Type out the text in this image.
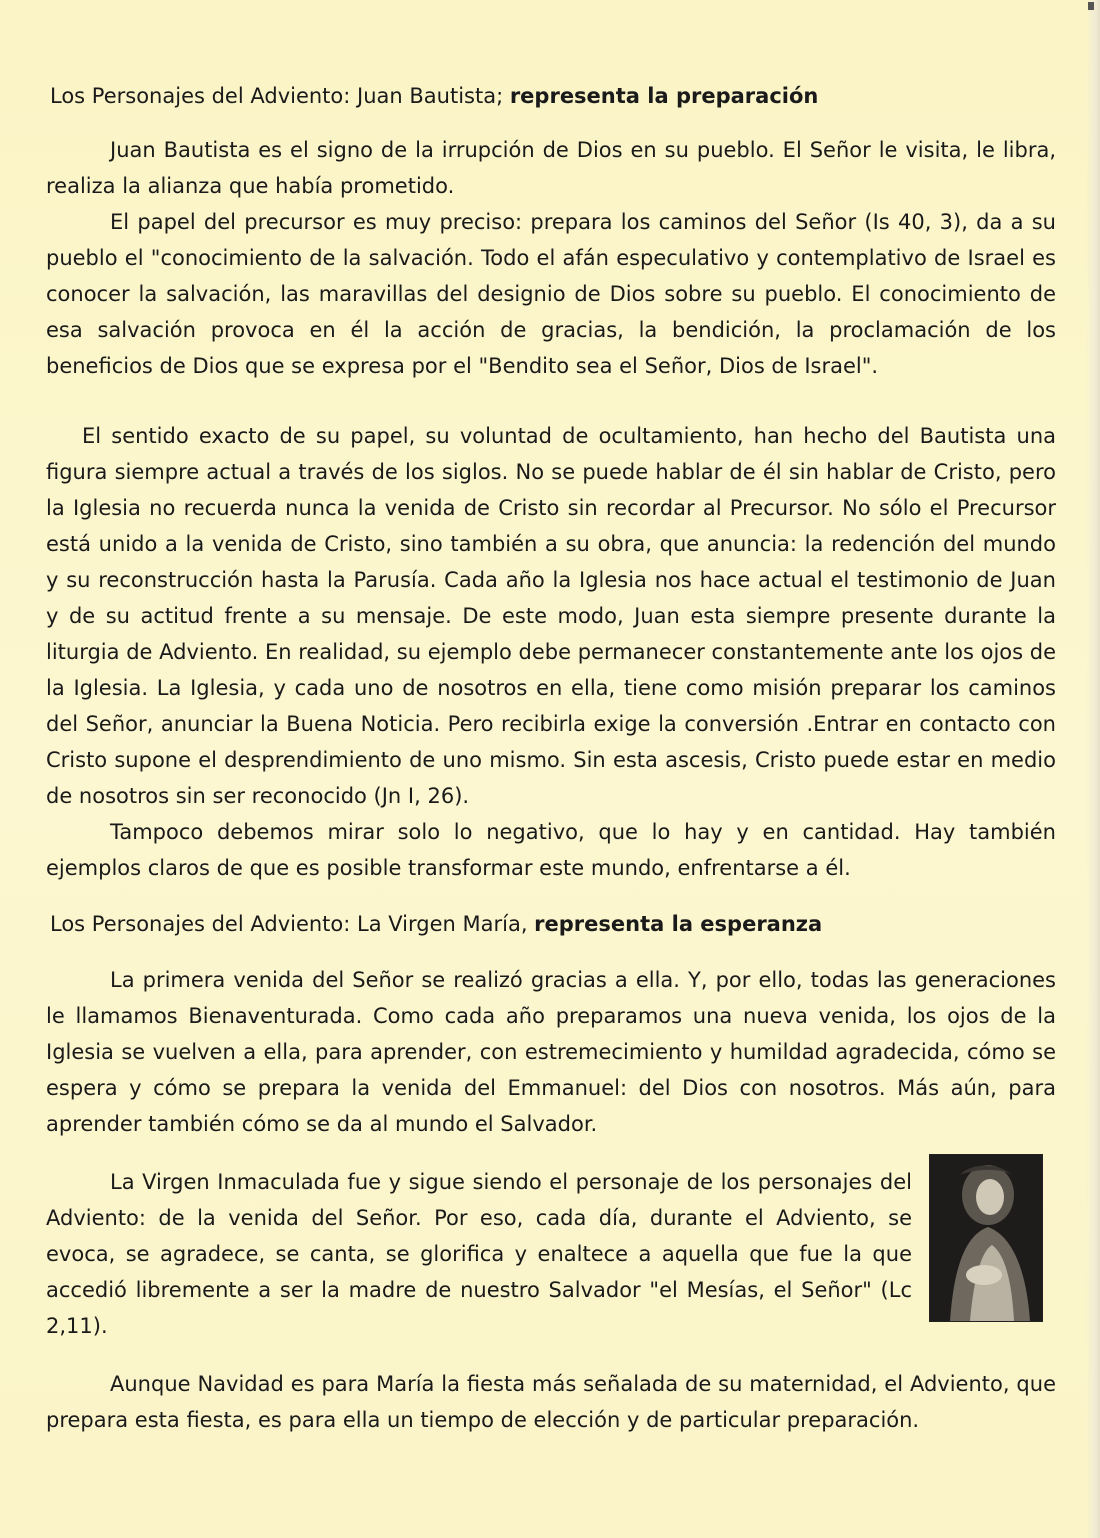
Los Personajes del Adviento: Juan Bautista; representa la preparación

Juan Bautista es el signo de la irrupción de Dios en su pueblo. El Señor le visita, le libra, realiza la alianza que había prometido.

El papel del precursor es muy preciso: prepara los caminos del Señor (Is 40, 3), da a su pueblo el "conocimiento de la salvación. Todo el afán especulativo y contemplativo de Israel es conocer la salvación, las maravillas del designio de Dios sobre su pueblo. El conocimiento de esa salvación provoca en él la acción de gracias, la bendición, la proclamación de los beneficios de Dios que se expresa por el "Bendito sea el Señor, Dios de Israel".

El sentido exacto de su papel, su voluntad de ocultamiento, han hecho del Bautista una figura siempre actual a través de los siglos. No se puede hablar de él sin hablar de Cristo, pero la Iglesia no recuerda nunca la venida de Cristo sin recordar al Precursor. No sólo el Precursor está unido a la venida de Cristo, sino también a su obra, que anuncia: la redención del mundo y su reconstrucción hasta la Parusía. Cada año la Iglesia nos hace actual el testimonio de Juan y de su actitud frente a su mensaje. De este modo, Juan esta siempre presente durante la liturgia de Adviento. En realidad, su ejemplo debe permanecer constantemente ante los ojos de la Iglesia. La Iglesia, y cada uno de nosotros en ella, tiene como misión preparar los caminos del Señor, anunciar la Buena Noticia. Pero recibirla exige la conversión .Entrar en contacto con Cristo supone el desprendimiento de uno mismo. Sin esta ascesis, Cristo puede estar en medio de nosotros sin ser reconocido (Jn I, 26).

Tampoco debemos mirar solo lo negativo, que lo hay y en cantidad. Hay también ejemplos claros de que es posible transformar este mundo, enfrentarse a él.

Los Personajes del Adviento: La Virgen María, representa la esperanza

La primera venida del Señor se realizó gracias a ella. Y, por ello, todas las generaciones le llamamos Bienaventurada. Como cada año preparamos una nueva venida, los ojos de la Iglesia se vuelven a ella, para aprender, con estremecimiento y humildad agradecida, cómo se espera y cómo se prepara la venida del Emmanuel: del Dios con nosotros. Más aún, para aprender también cómo se da al mundo el Salvador.

La Virgen Inmaculada fue y sigue siendo el personaje de los personajes del Adviento: de la venida del Señor. Por eso, cada día, durante el Adviento, se evoca, se agradece, se canta, se glorifica y enaltece a aquella que fue la que accedió libremente a ser la madre de nuestro Salvador "el Mesías, el Señor" (Lc 2,11).

Aunque Navidad es para María la fiesta más señalada de su maternidad, el Adviento, que prepara esta fiesta, es para ella un tiempo de elección y de particular preparación.
